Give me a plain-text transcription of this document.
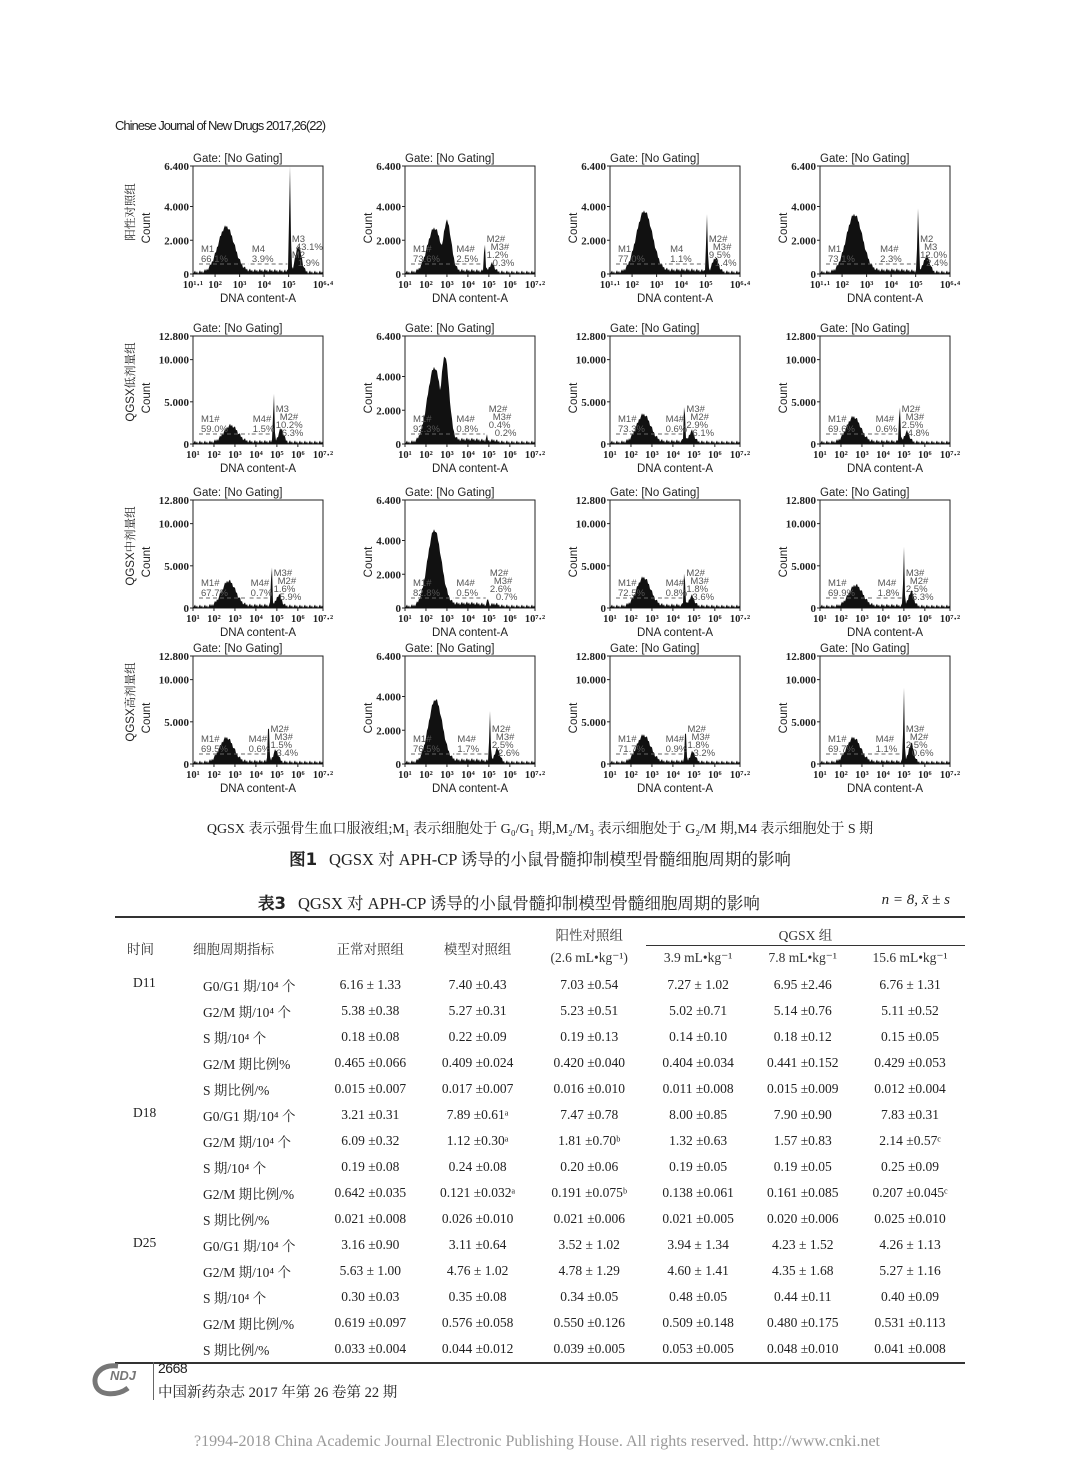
Chinese Journal of New Drugs 2017,26(22)
Gate: [No Gating]
6.400
4.000
2.000
0
10¹·¹ 10² 10³ 10⁴ 10⁵ 10⁶·⁴
DNA content-A
Count
阳性对照组
M1
66.1%
M4
3.9%
M3
43.1%
M2
1.9%
Gate: [No Gating]
6.400
4.000
2.000
0
10¹ 10² 10³ 10⁴ 10⁵ 10⁶ 10⁷·²
DNA content-A
Count
M1#
73.6%
M4#
2.5%
M2#
M3#
1.2%
0.3%
Gate: [No Gating]
6.400
4.000
2.000
0
10¹·¹ 10² 10³ 10⁴ 10⁵ 10⁶·⁴
DNA content-A
Count
M1
77.0%
M4
1.1%
M2#
M3#
9.5%
1.4%
Gate: [No Gating]
6.400
4.000
2.000
0
10¹·¹ 10² 10³ 10⁴ 10⁵ 10⁶·⁴
DNA content-A
Count
M1
73.1%
M4#
2.3%
M2
M3
12.0%
2.4%
Gate: [No Gating]
12.800
10.000
5.000
0
10¹ 10² 10³ 10⁴ 10⁵ 10⁶ 10⁷·²
DNA content-A
Count
QGSX低剂量组	M1#
59.0%
M4#
1.5%
M3
M2#
10.2%
6.3%
Gate: [No Gating]
6.400
4.000
2.000
0
10¹ 10² 10³ 10⁴ 10⁵ 10⁶ 10⁷·²
DNA content-A
Count
M1#
92.3%
M4#
0.8%
M2#
M3#
0.4%
0.2%
Gate: [No Gating]
12.800
10.000
5.000
0
10¹ 10² 10³ 10⁴ 10⁵ 10⁶ 10⁷·²
DNA content-A
Count
M1#
73.3%
M4#
0.6%
M3#
M2#
2.9%
6.1%
Gate: [No Gating]
12.800
10.000
5.000
0
10¹ 10² 10³ 10⁴ 10⁵ 10⁶ 10⁷·²
DNA content-A
Count
M1#
69.6%
M4#
0.6%
M2#
M3#
2.5%
4.8%
Gate: [No Gating]
12.800
10.000
5.000
0
10¹ 10² 10³ 10⁴ 10⁵ 10⁶ 10⁷·²
DNA content-A
Count
QGSX中剂量组	M1#
67.7%
M4#
0.7%
M3#
M2#
1.6%
5.9%
Gate: [No Gating]
6.400
4.000
2.000
0
10¹ 10² 10³ 10⁴ 10⁵ 10⁶ 10⁷·²
DNA content-A
Count
M1#
82.8%
M4#
0.5%
M2#
M3#
2.6%
0.7%
Gate: [No Gating]
12.800
10.000
5.000
0
10¹ 10² 10³ 10⁴ 10⁵ 10⁶ 10⁷·²
DNA content-A
Count
M1#
72.5%
M4#
0.8%
M2#
M3#
1.8%
3.6%
Gate: [No Gating]
12.800
10.000
5.000
0
10¹ 10² 10³ 10⁴ 10⁵ 10⁶ 10⁷·²
DNA content-A
Count
M1#
69.9%
M4#
1.8%
M3#
M2#
2.5%
6.3%
Gate: [No Gating]
12.800
10.000
5.000
0
10¹ 10² 10³ 10⁴ 10⁵ 10⁶ 10⁷·²
DNA content-A
Count
QGSX高剂量组	M1#
69.5%
M4#
0.6%
M2#
M3#
1.5%
3.4%
Gate: [No Gating]
6.400
4.000
2.000
0
10¹ 10² 10³ 10⁴ 10⁵ 10⁶ 10⁷·²
DNA content-A
Count
M1#
76.5%
M4#
1.7%
M2#
M3#
2.5%
2.6%
Gate: [No Gating]
12.800
10.000
5.000
0
10¹ 10² 10³ 10⁴ 10⁵ 10⁶ 10⁷·²
DNA content-A
Count
M1#
71.7%
M4#
0.9%
M2#
M3#
1.8%
3.2%
Gate: [No Gating]
12.800
10.000
5.000
0
10¹ 10² 10³ 10⁴ 10⁵ 10⁶ 10⁷·²
DNA content-A
Count
M1#
69.7%
M4#
1.1%
M3#
M2#
2.5%
0.6%
QGSX 表示强骨生血口服液组;M₁ 表示细胞处于 G₀/G₁ 期,M₂/M₃ 表示细胞处于 G₂/M 期,M4 表示细胞处于 S 期
图1 QGSX 对 APH-CP 诱导的小鼠骨髓抑制模型骨髓细胞周期的影响
表3 QGSX 对 APH-CP 诱导的小鼠骨髓抑制模型骨髓细胞周期的影响	n = 8, x̄ ± s
时间	细胞周期指标	正常对照组	模型对照组	阳性对照组	QGSX 组		
				(2.6 mL•kg⁻¹)	3.9 mL•kg⁻¹	7.8 mL•kg⁻¹	15.6 mL•kg⁻¹
D11	G0/G1 期/10⁴ 个	6.16 ± 1.33	7.40 ±0.43	7.03 ±0.54	7.27 ± 1.02	6.95 ±2.46	6.76 ± 1.31
	G2/M 期/10⁴ 个	5.38 ±0.38	5.27 ±0.31	5.23 ±0.51	5.02 ±0.71	5.14 ±0.76	5.11 ±0.52
	S 期/10⁴ 个	0.18 ±0.08	0.22 ±0.09	0.19 ±0.13	0.14 ±0.10	0.18 ±0.12	0.15 ±0.05
	G2/M 期比例%	0.465 ±0.066	0.409 ±0.024	0.420 ±0.040	0.404 ±0.034	0.441 ±0.152	0.429 ±0.053
	S 期比例/%	0.015 ±0.007	0.017 ±0.007	0.016 ±0.010	0.011 ±0.008	0.015 ±0.009	0.012 ±0.004
D18	G0/G1 期/10⁴ 个	3.21 ±0.31	7.89 ±0.61ᵃ	7.47 ±0.78	8.00 ±0.85	7.90 ±0.90	7.83 ±0.31
	G2/M 期/10⁴ 个	6.09 ±0.32	1.12 ±0.30ᵃ	1.81 ±0.70ᵇ	1.32 ±0.63	1.57 ±0.83	2.14 ±0.57ᶜ
	S 期/10⁴ 个	0.19 ±0.08	0.24 ±0.08	0.20 ±0.06	0.19 ±0.05	0.19 ±0.05	0.25 ±0.09
	G2/M 期比例/%	0.642 ±0.035	0.121 ±0.032ᵃ	0.191 ±0.075ᵇ	0.138 ±0.061	0.161 ±0.085	0.207 ±0.045ᶜ
	S 期比例/%	0.021 ±0.008	0.026 ±0.010	0.021 ±0.006	0.021 ±0.005	0.020 ±0.006	0.025 ±0.010
D25	G0/G1 期/10⁴ 个	3.16 ±0.90	3.11 ±0.64	3.52 ± 1.02	3.94 ± 1.34	4.23 ± 1.52	4.26 ± 1.13
	G2/M 期/10⁴ 个	5.63 ± 1.00	4.76 ± 1.02	4.78 ± 1.29	4.60 ± 1.41	4.35 ± 1.68	5.27 ± 1.16
	S 期/10⁴ 个	0.30 ±0.03	0.35 ±0.08	0.34 ±0.05	0.48 ±0.05	0.44 ±0.11	0.40 ±0.09
	G2/M 期比例/%	0.619 ±0.097	0.576 ±0.058	0.550 ±0.126	0.509 ±0.148	0.480 ±0.175	0.531 ±0.113
	S 期比例/%	0.033 ±0.004	0.044 ±0.012	0.039 ±0.005	0.053 ±0.005	0.048 ±0.010	0.041 ±0.008
NDJ 2668
中国新药杂志 2017 年第 26 卷第 22 期
?1994-2018 China Academic Journal Electronic Publishing House. All rights reserved. http://www.cnki.net
